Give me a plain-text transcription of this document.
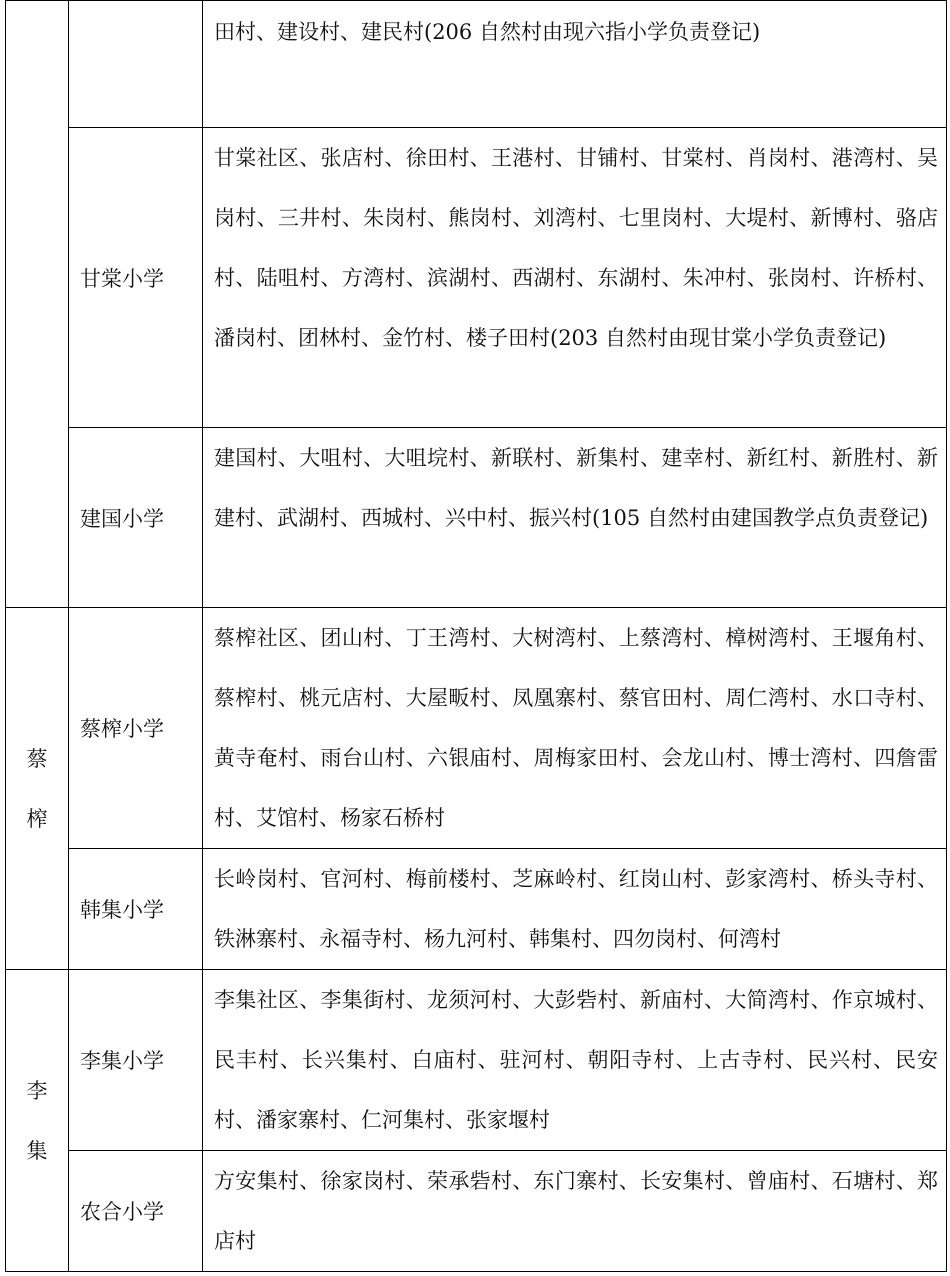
		田村、建设村、建民村(206 自然村由现六指小学负责登记)

	甘棠小学	甘棠社区、张店村、徐田村、王港村、甘铺村、甘棠村、肖岗村、港湾村、吴岗村、三井村、朱岗村、熊岗村、刘湾村、七里岗村、大堤村、新博村、骆店村、陆咀村、方湾村、滨湖村、西湖村、东湖村、朱冲村、张岗村、许桥村、潘岗村、团林村、金竹村、楼子田村(203 自然村由现甘棠小学负责登记)

	建国小学	建国村、大咀村、大咀垸村、新联村、新集村、建幸村、新红村、新胜村、新建村、武湖村、西城村、兴中村、振兴村(105 自然村由建国教学点负责登记)

蔡榨	蔡榨小学	蔡榨社区、团山村、丁王湾村、大树湾村、上蔡湾村、樟树湾村、王堰角村、蔡榨村、桃元店村、大屋畈村、凤凰寨村、蔡官田村、周仁湾村、水口寺村、黄寺奄村、雨台山村、六银庙村、周梅家田村、会龙山村、博士湾村、四詹雷村、艾馆村、杨家石桥村

	韩集小学	长岭岗村、官河村、梅前楼村、芝麻岭村、红岗山村、彭家湾村、桥头寺村、铁淋寨村、永福寺村、杨九河村、韩集村、四勿岗村、何湾村

李集	李集小学	李集社区、李集街村、龙须河村、大彭砦村、新庙村、大简湾村、作京城村、民丰村、长兴集村、白庙村、驻河村、朝阳寺村、上古寺村、民兴村、民安村、潘家寨村、仁河集村、张家堰村

	农合小学	方安集村、徐家岗村、荣承砦村、东门寨村、长安集村、曾庙村、石塘村、郑店村
